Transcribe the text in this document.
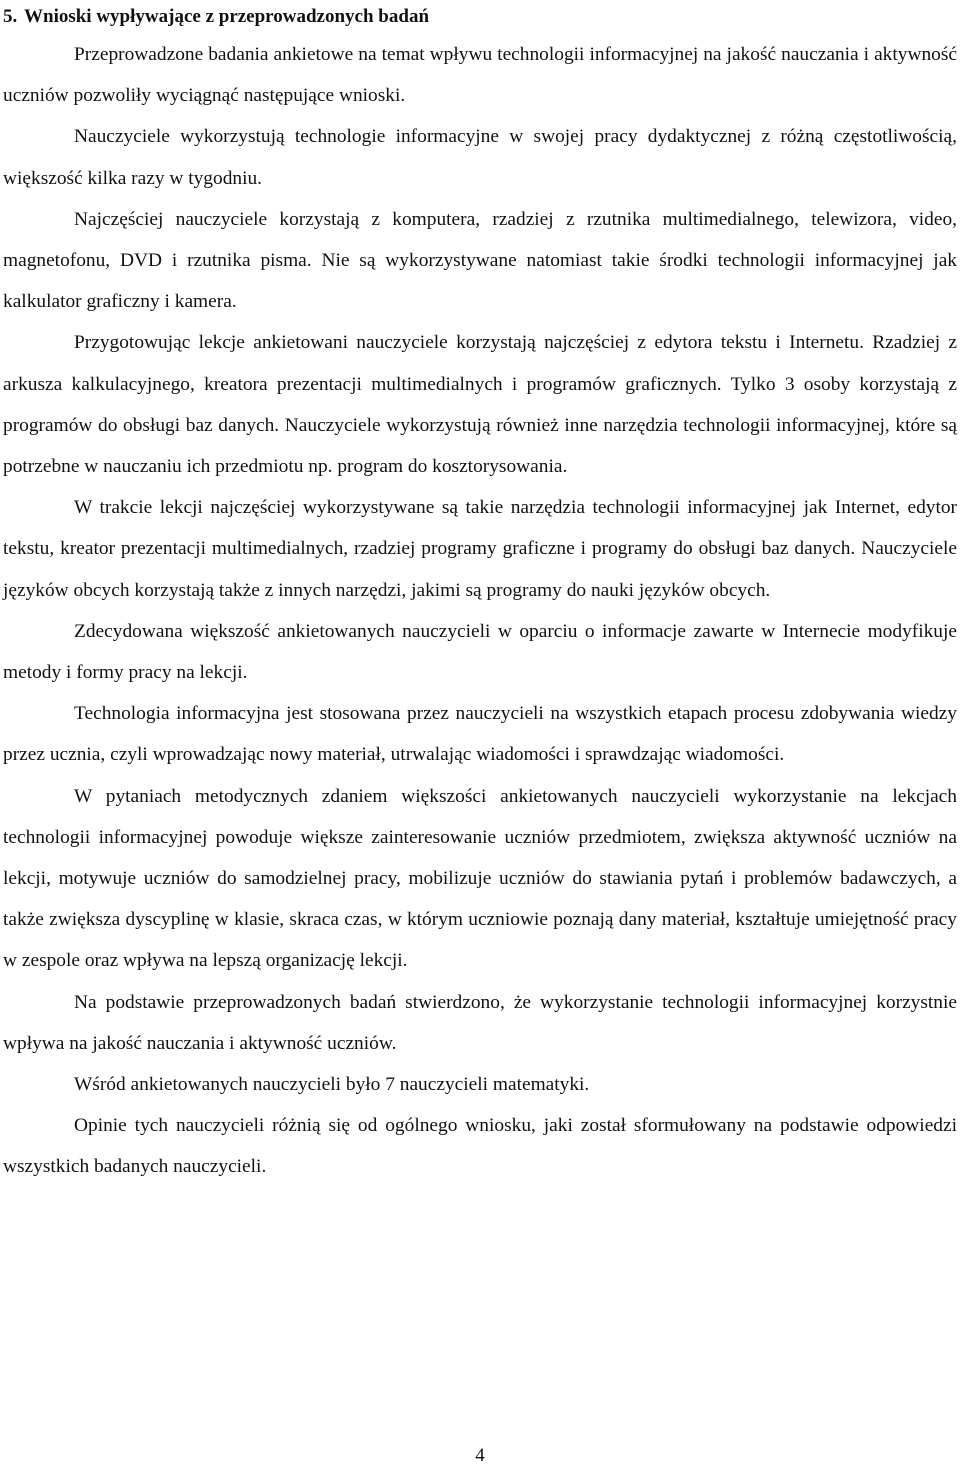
5. Wnioski wypływające z przeprowadzonych badań

Przeprowadzone badania ankietowe na temat wpływu technologii informacyjnej na jakość nauczania i aktywność uczniów pozwoliły wyciągnąć następujące wnioski.

Nauczyciele wykorzystują technologie informacyjne w swojej pracy dydaktycznej z różną częstotliwością, większość kilka razy w tygodniu.

Najczęściej nauczyciele korzystają z komputera, rzadziej z rzutnika multimedialnego, telewizora, video, magnetofonu, DVD i rzutnika pisma. Nie są wykorzystywane natomiast takie środki technologii informacyjnej jak kalkulator graficzny i kamera.

Przygotowując lekcje ankietowani nauczyciele korzystają najczęściej z edytora tekstu i Internetu. Rzadziej z arkusza kalkulacyjnego, kreatora prezentacji multimedialnych i programów graficznych. Tylko 3 osoby korzystają z programów do obsługi baz danych. Nauczyciele wykorzystują również inne narzędzia technologii informacyjnej, które są potrzebne w nauczaniu ich przedmiotu np. program do kosztorysowania.

W trakcie lekcji najczęściej wykorzystywane są takie narzędzia technologii informacyjnej jak Internet, edytor tekstu, kreator prezentacji multimedialnych, rzadziej programy graficzne i programy do obsługi baz danych. Nauczyciele języków obcych korzystają także z innych narzędzi, jakimi są programy do nauki języków obcych.

Zdecydowana większość ankietowanych nauczycieli w oparciu o informacje zawarte w Internecie modyfikuje metody i formy pracy na lekcji.

Technologia informacyjna jest stosowana przez nauczycieli na wszystkich etapach procesu zdobywania wiedzy przez ucznia, czyli wprowadzając nowy materiał, utrwalając wiadomości i sprawdzając wiadomości.

W pytaniach metodycznych zdaniem większości ankietowanych nauczycieli wykorzystanie na lekcjach technologii informacyjnej powoduje większe zainteresowanie uczniów przedmiotem, zwiększa aktywność uczniów na lekcji, motywuje uczniów do samodzielnej pracy, mobilizuje uczniów do stawiania pytań i problemów badawczych, a także zwiększa dyscyplinę w klasie, skraca czas, w którym uczniowie poznają dany materiał, kształtuje umiejętność pracy w zespole oraz wpływa na lepszą organizację lekcji.

Na podstawie przeprowadzonych badań stwierdzono, że wykorzystanie technologii informacyjnej korzystnie wpływa na jakość nauczania i aktywność uczniów.

Wśród ankietowanych nauczycieli było 7 nauczycieli matematyki.

Opinie tych nauczycieli różnią się od ogólnego wniosku, jaki został sformułowany na podstawie odpowiedzi wszystkich badanych nauczycieli.

4
